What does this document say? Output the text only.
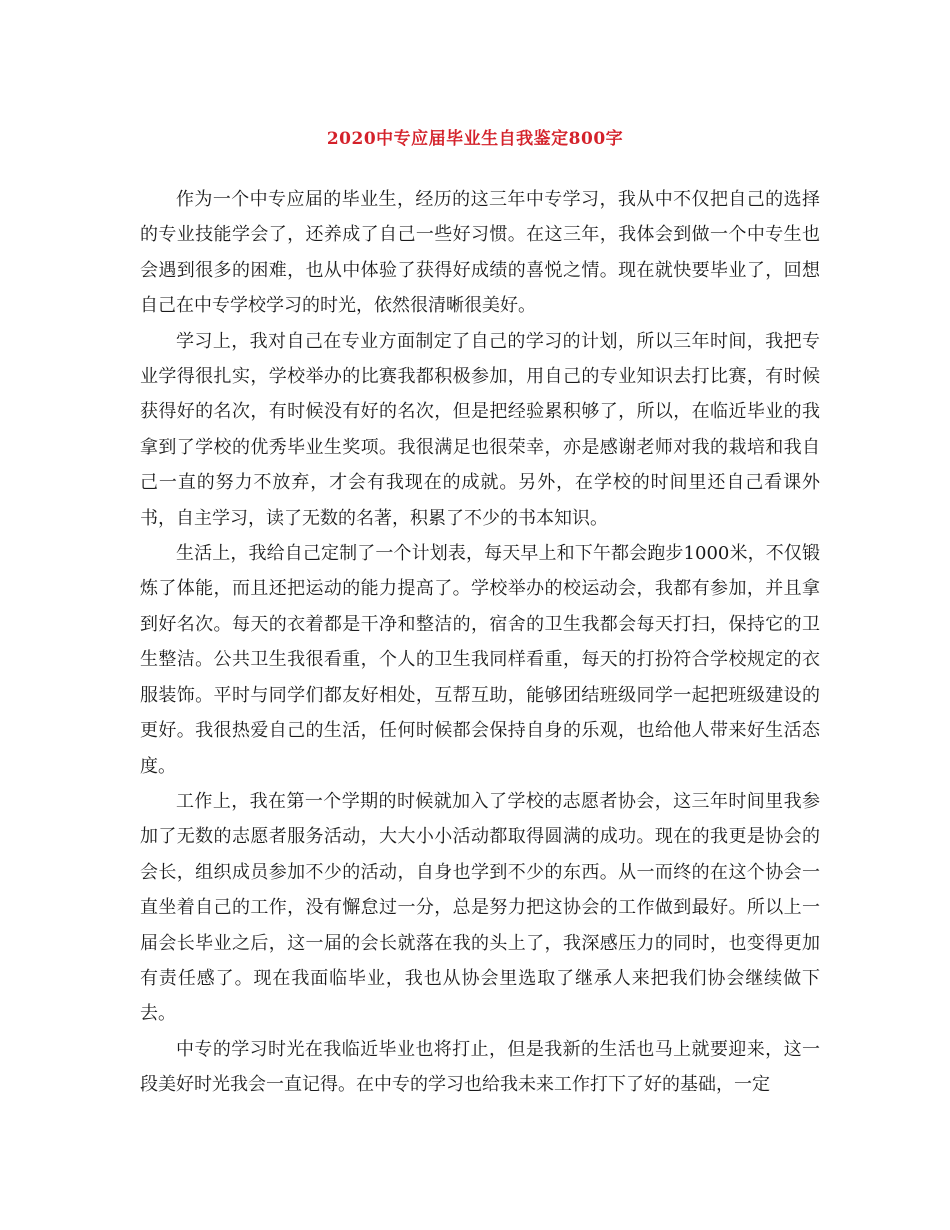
2020中专应届毕业生自我鉴定800字

作为一个中专应届的毕业生，经历的这三年中专学习，我从中不仅把自己的选择的专业技能学会了，还养成了自己一些好习惯。在这三年，我体会到做一个中专生也会遇到很多的困难，也从中体验了获得好成绩的喜悦之情。现在就快要毕业了，回想自己在中专学校学习的时光，依然很清晰很美好。

学习上，我对自己在专业方面制定了自己的学习的计划，所以三年时间，我把专业学得很扎实，学校举办的比赛我都积极参加，用自己的专业知识去打比赛，有时候获得好的名次，有时候没有好的名次，但是把经验累积够了，所以，在临近毕业的我拿到了学校的优秀毕业生奖项。我很满足也很荣幸，亦是感谢老师对我的栽培和我自己一直的努力不放弃，才会有我现在的成就。另外，在学校的时间里还自己看课外书，自主学习，读了无数的名著，积累了不少的书本知识。

生活上，我给自己定制了一个计划表，每天早上和下午都会跑步1000米，不仅锻炼了体能，而且还把运动的能力提高了。学校举办的校运动会，我都有参加，并且拿到好名次。每天的衣着都是干净和整洁的，宿舍的卫生我都会每天打扫，保持它的卫生整洁。公共卫生我很看重，个人的卫生我同样看重，每天的打扮符合学校规定的衣服装饰。平时与同学们都友好相处，互帮互助，能够团结班级同学一起把班级建设的更好。我很热爱自己的生活，任何时候都会保持自身的乐观，也给他人带来好生活态度。

工作上，我在第一个学期的时候就加入了学校的志愿者协会，这三年时间里我参加了无数的志愿者服务活动，大大小小活动都取得圆满的成功。现在的我更是协会的会长，组织成员参加不少的活动，自身也学到不少的东西。从一而终的在这个协会一直坐着自己的工作，没有懈怠过一分，总是努力把这协会的工作做到最好。所以上一届会长毕业之后，这一届的会长就落在我的头上了，我深感压力的同时，也变得更加有责任感了。现在我面临毕业，我也从协会里选取了继承人来把我们协会继续做下去。

中专的学习时光在我临近毕业也将打止，但是我新的生活也马上就要迎来，这一段美好时光我会一直记得。在中专的学习也给我未来工作打下了好的基础，一定
